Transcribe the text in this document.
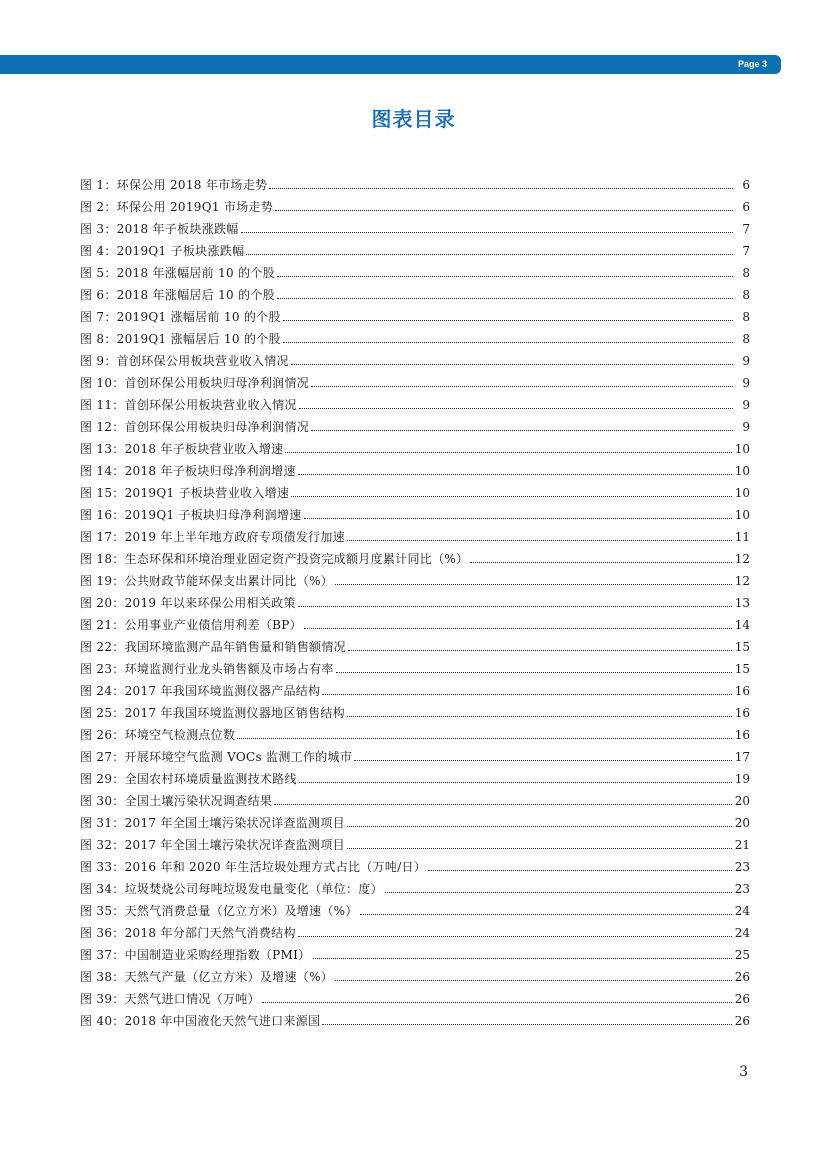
Page 3
图表目录
图 1：环保公用 2018 年市场走势	6
图 2：环保公用 2019Q1 市场走势	6
图 3：2018 年子板块涨跌幅	7
图 4：2019Q1 子板块涨跌幅	7
图 5：2018 年涨幅居前 10 的个股	8
图 6：2018 年涨幅居后 10 的个股	8
图 7：2019Q1 涨幅居前 10 的个股	8
图 8：2019Q1 涨幅居后 10 的个股	8
图 9：首创环保公用板块营业收入情况	9
图 10：首创环保公用板块归母净利润情况	9
图 11：首创环保公用板块营业收入情况	9
图 12：首创环保公用板块归母净利润情况	9
图 13：2018 年子板块营业收入增速	10
图 14：2018 年子板块归母净利润增速	10
图 15：2019Q1 子板块营业收入增速	10
图 16：2019Q1 子板块归母净利润增速	10
图 17：2019 年上半年地方政府专项债发行加速	11
图 18：生态环保和环境治理业固定资产投资完成额月度累计同比（%）	12
图 19：公共财政节能环保支出累计同比（%）	12
图 20：2019 年以来环保公用相关政策	13
图 21：公用事业产业债信用利差（BP）	14
图 22：我国环境监测产品年销售量和销售额情况	15
图 23：环境监测行业龙头销售额及市场占有率	15
图 24：2017 年我国环境监测仪器产品结构	16
图 25：2017 年我国环境监测仪器地区销售结构	16
图 26：环境空气检测点位数	16
图 27：开展环境空气监测 VOCs 监测工作的城市	17
图 29：全国农村环境质量监测技术路线	19
图 30：全国土壤污染状况调查结果	20
图 31：2017 年全国土壤污染状况详查监测项目	20
图 32：2017 年全国土壤污染状况详查监测项目	21
图 33：2016 年和 2020 年生活垃圾处理方式占比（万吨/日）	23
图 34：垃圾焚烧公司每吨垃圾发电量变化（单位：度）	23
图 35：天然气消费总量（亿立方米）及增速（%）	24
图 36：2018 年分部门天然气消费结构	24
图 37：中国制造业采购经理指数（PMI）	25
图 38：天然气产量（亿立方米）及增速（%）	26
图 39：天然气进口情况（万吨）	26
图 40：2018 年中国液化天然气进口来源国	26
3
